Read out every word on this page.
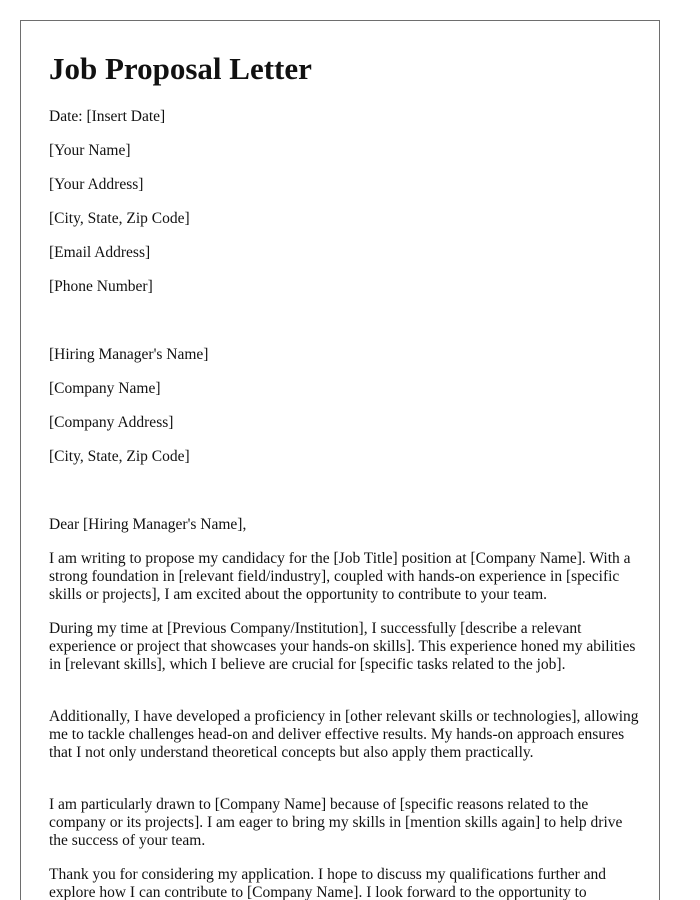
Job Proposal Letter

Date: [Insert Date]

[Your Name]

[Your Address]

[City, State, Zip Code]

[Email Address]

[Phone Number]

[Hiring Manager's Name]

[Company Name]

[Company Address]

[City, State, Zip Code]

Dear [Hiring Manager's Name],

I am writing to propose my candidacy for the [Job Title] position at [Company Name]. With a strong foundation in [relevant field/industry], coupled with hands-on experience in [specific skills or projects], I am excited about the opportunity to contribute to your team.

During my time at [Previous Company/Institution], I successfully [describe a relevant experience or project that showcases your hands-on skills]. This experience honed my abilities in [relevant skills], which I believe are crucial for [specific tasks related to the job].

Additionally, I have developed a proficiency in [other relevant skills or technologies], allowing me to tackle challenges head-on and deliver effective results. My hands-on approach ensures that I not only understand theoretical concepts but also apply them practically.

I am particularly drawn to [Company Name] because of [specific reasons related to the company or its projects]. I am eager to bring my skills in [mention skills again] to help drive the success of your team.

Thank you for considering my application. I hope to discuss my qualifications further and explore how I can contribute to [Company Name]. I look forward to the opportunity to
